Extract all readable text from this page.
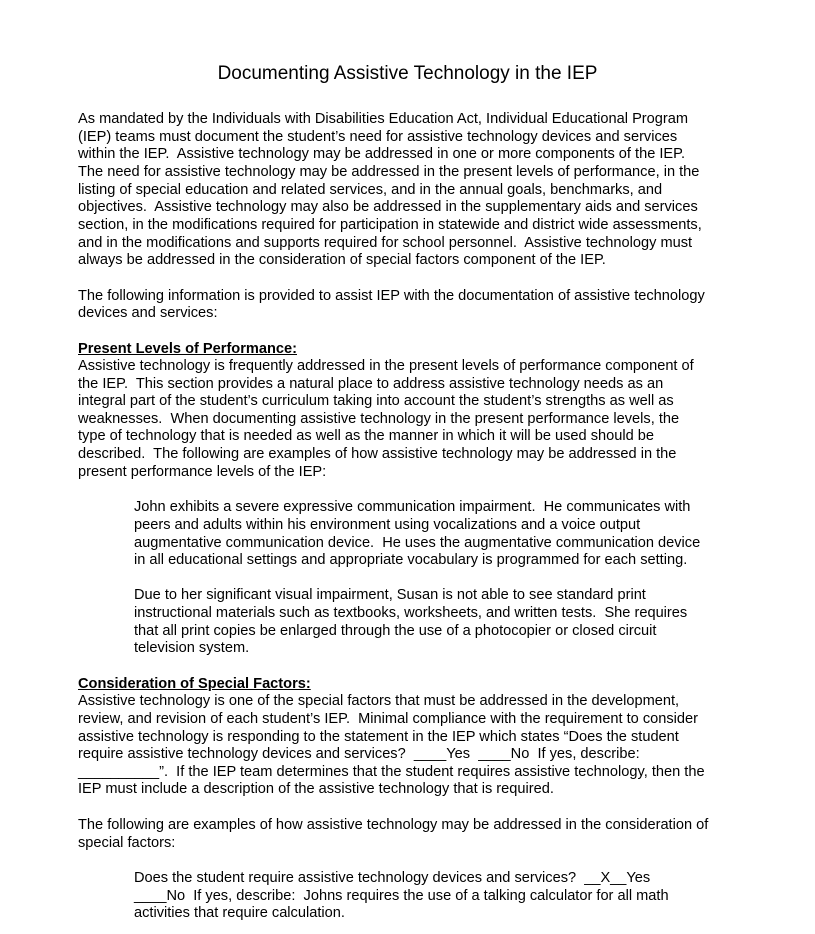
Documenting Assistive Technology in the IEP

As mandated by the Individuals with Disabilities Education Act, Individual Educational Program

(IEP) teams must document the student’s need for assistive technology devices and services

within the IEP.  Assistive technology may be addressed in one or more components of the IEP.

The need for assistive technology may be addressed in the present levels of performance, in the

listing of special education and related services, and in the annual goals, benchmarks, and

objectives.  Assistive technology may also be addressed in the supplementary aids and services

section, in the modifications required for participation in statewide and district wide assessments,

and in the modifications and supports required for school personnel.  Assistive technology must

always be addressed in the consideration of special factors component of the IEP.

The following information is provided to assist IEP with the documentation of assistive technology

devices and services:

Present Levels of Performance:

Assistive technology is frequently addressed in the present levels of performance component of

the IEP.  This section provides a natural place to address assistive technology needs as an

integral part of the student’s curriculum taking into account the student’s strengths as well as

weaknesses.  When documenting assistive technology in the present performance levels, the

type of technology that is needed as well as the manner in which it will be used should be

described.  The following are examples of how assistive technology may be addressed in the

present performance levels of the IEP:

John exhibits a severe expressive communication impairment.  He communicates with

peers and adults within his environment using vocalizations and a voice output

augmentative communication device.  He uses the augmentative communication device

in all educational settings and appropriate vocabulary is programmed for each setting.

Due to her significant visual impairment, Susan is not able to see standard print

instructional materials such as textbooks, worksheets, and written tests.  She requires

that all print copies be enlarged through the use of a photocopier or closed circuit

television system.

Consideration of Special Factors:

Assistive technology is one of the special factors that must be addressed in the development,

review, and revision of each student’s IEP.  Minimal compliance with the requirement to consider

assistive technology is responding to the statement in the IEP which states “Does the student

require assistive technology devices and services?  ____Yes  ____No  If yes, describe:

__________”.  If the IEP team determines that the student requires assistive technology, then the

IEP must include a description of the assistive technology that is required.

The following are examples of how assistive technology may be addressed in the consideration of

special factors:

Does the student require assistive technology devices and services?  __X__Yes

____No  If yes, describe:  Johns requires the use of a talking calculator for all math

activities that require calculation.
